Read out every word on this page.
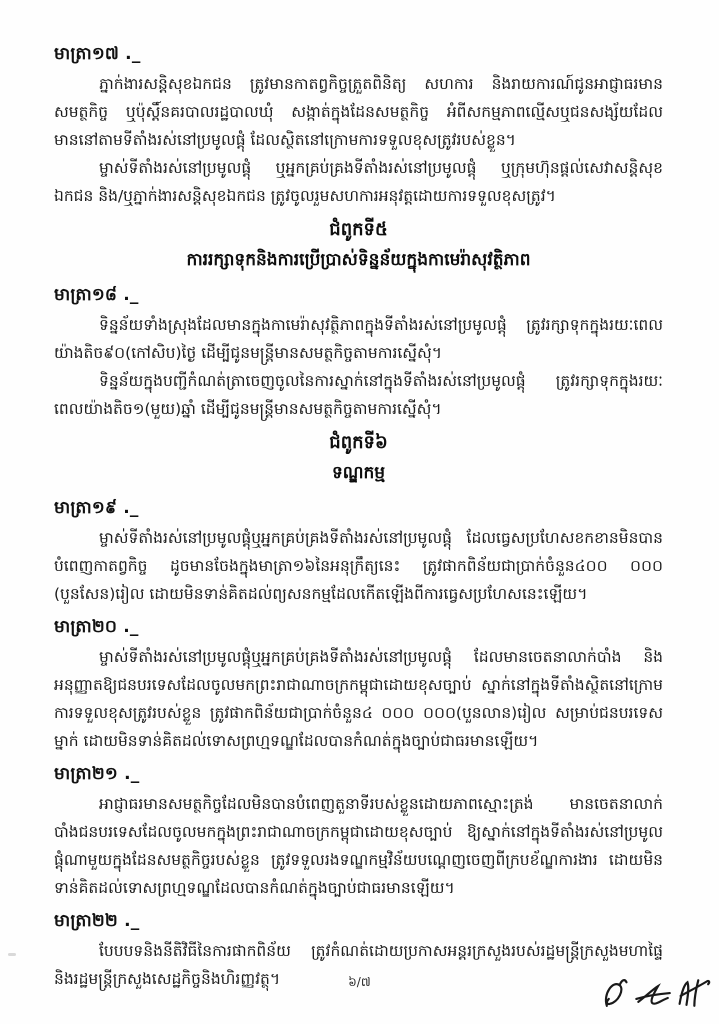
មាត្រា១៧ ._

ភ្នាក់ងារសន្តិសុខឯកជន ត្រូវមានកាតព្វកិច្ចត្រួតពិនិត្យ សហការ និងរាយការណ៍ជូនអាជ្ញាធរមានសមត្ថកិច្ច ឬប៉ុស្តិ៍នគរបាលរដ្ឋបាលឃុំ សង្កាត់ក្នុងដែនសមត្ថកិច្ច អំពីសកម្មភាពល្មើសឬជនសង្ស័យដែលមាននៅតាមទីតាំងរស់នៅប្រមូលផ្តុំ ដែលស្ថិតនៅក្រោមការទទួលខុសត្រូវរបស់ខ្លួន។

ម្ចាស់ទីតាំងរស់នៅប្រមូលផ្តុំ ឬអ្នកគ្រប់គ្រងទីតាំងរស់នៅប្រមូលផ្តុំ ឬក្រុមហ៊ុនផ្តល់សេវាសន្តិសុខឯកជន និង/ឬភ្នាក់ងារសន្តិសុខឯកជន ត្រូវចូលរួមសហការអនុវត្តដោយការទទួលខុសត្រូវ។

ជំពូកទី៥
ការរក្សាទុកនិងការប្រើប្រាស់ទិន្នន័យក្នុងកាមេរ៉ាសុវត្ថិភាព
មាត្រា១៨ ._

ទិន្នន័យទាំងស្រុងដែលមានក្នុងកាមេរ៉ាសុវត្ថិភាពក្នុងទីតាំងរស់នៅប្រមូលផ្តុំ ត្រូវរក្សាទុកក្នុងរយៈពេលយ៉ាងតិច៩០(កៅសិប)ថ្ងៃ ដើម្បីជូនមន្ត្រីមានសមត្ថកិច្ចតាមការស្នើសុំ។

ទិន្នន័យក្នុងបញ្ជីកំណត់ត្រាចេញចូលនៃការស្នាក់នៅក្នុងទីតាំងរស់នៅប្រមូលផ្តុំ ត្រូវរក្សាទុកក្នុងរយៈពេលយ៉ាងតិច១(មួយ)ឆ្នាំ ដើម្បីជូនមន្ត្រីមានសមត្ថកិច្ចតាមការស្នើសុំ។

ជំពូកទី៦
ទណ្ឌកម្ម
មាត្រា១៩ ._

ម្ចាស់ទីតាំងរស់នៅប្រមូលផ្តុំឬអ្នកគ្រប់គ្រងទីតាំងរស់នៅប្រមូលផ្តុំ ដែលធ្វេសប្រហែសខកខានមិនបានបំពេញកាតព្វកិច្ច ដូចមានចែងក្នុងមាត្រា១៦នៃអនុក្រឹត្យនេះ ត្រូវផាកពិន័យជាប្រាក់ចំនួន៤០០ ០០០ (បួនសែន)រៀល ដោយមិនទាន់គិតដល់ព្យសនកម្មដែលកើតឡើងពីការធ្វេសប្រហែសនេះឡើយ។

មាត្រា២០ ._

ម្ចាស់ទីតាំងរស់នៅប្រមូលផ្តុំឬអ្នកគ្រប់គ្រងទីតាំងរស់នៅប្រមូលផ្តុំ ដែលមានចេតនាលាក់បាំង និងអនុញ្ញាតឱ្យជនបរទេសដែលចូលមកព្រះរាជាណាចក្រកម្ពុជាដោយខុសច្បាប់ ស្នាក់នៅក្នុងទីតាំងស្ថិតនៅក្រោមការទទួលខុសត្រូវរបស់ខ្លួន ត្រូវផាកពិន័យជាប្រាក់ចំនួន៤ ០០០ ០០០(បួនលាន)រៀល សម្រាប់ជនបរទេសម្នាក់ ដោយមិនទាន់គិតដល់ទោសព្រហ្មទណ្ឌដែលបានកំណត់ក្នុងច្បាប់ជាធរមានឡើយ។

មាត្រា២១ ._

អាជ្ញាធរមានសមត្ថកិច្ចដែលមិនបានបំពេញតួនាទីរបស់ខ្លួនដោយភាពស្មោះត្រង់ មានចេតនាលាក់បាំងជនបរទេសដែលចូលមកក្នុងព្រះរាជាណាចក្រកម្ពុជាដោយខុសច្បាប់ ឱ្យស្នាក់នៅក្នុងទីតាំងរស់នៅប្រមូលផ្តុំណាមួយក្នុងដែនសមត្ថកិច្ចរបស់ខ្លួន ត្រូវទទួលរងទណ្ឌកម្មវិន័យបណ្តេញចេញពីក្របខ័ណ្ឌការងារ ដោយមិនទាន់គិតដល់ទោសព្រហ្មទណ្ឌដែលបានកំណត់ក្នុងច្បាប់ជាធរមានឡើយ។

មាត្រា២២ ._

បែបបទនិងនីតិវិធីនៃការផាកពិន័យ ត្រូវកំណត់ដោយប្រកាសអន្តរក្រសួងរបស់រដ្ឋមន្ត្រីក្រសួងមហាផ្ទៃ និងរដ្ឋមន្ត្រីក្រសួងសេដ្ឋកិច្ចនិងហិរញ្ញវត្ថុ។	៦/៧
